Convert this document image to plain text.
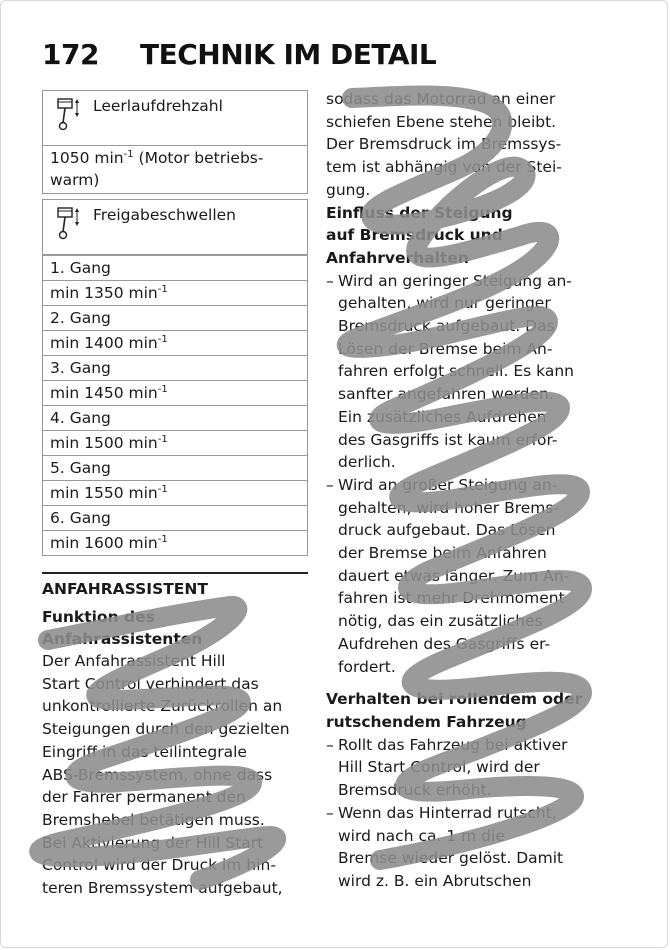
172	TECHNIK IM DETAIL
Leerlaufdrehzahl
1050 $\min^{-1}$ (Motor betriebs-warm)
Freigabeschwellen
1. Gang
min 1350 $\min^{-1}$
2. Gang
min 1400 $\min^{-1}$
3. Gang
min 1450 $\min^{-1}$
4. Gang
min 1500 $\min^{-1}$
5. Gang
min 1550 $\min^{-1}$
6. Gang
min 1600 $\min^{-1}$
ANFAHRASSISTENT
Funktion des
Anfahrassistenten

Der Anfahrassistent Hill

Start Control verhindert das

unkontrollierte Zurückrollen an

Steigungen durch den gezielten

Eingriff in das teilintegrale

ABS-Bremssystem, ohne dass

der Fahrer permanent den

Bremshebel betätigen muss.

Bei Aktivierung der Hill Start

Control wird der Druck im hin-

teren Bremssystem aufgebaut,

sodass das Motorrad an einer

schiefen Ebene stehen bleibt.

Der Bremsdruck im Bremssys-

tem ist abhängig von der Stei-

gung.

Einfluss der Steigung

auf Bremsdruck und

Anfahrverhalten

– Wird an geringer Steigung an-
gehalten, wird nur geringer
Bremsdruck aufgebaut. Das
Lösen der Bremse beim An-
fahren erfolgt schnell. Es kann
sanfter angefahren werden.
Ein zusätzliches Aufdrehen
des Gasgriffs ist kaum erfor-
derlich.
– Wird an großer Steigung an-
gehalten, wird hoher Brems-
druck aufgebaut. Das Lösen
der Bremse beim Anfahren
dauert etwas länger. Zum An-
fahren ist mehr Drehmoment
nötig, das ein zusätzliches
Aufdrehen des Gasgriffs er-
fordert.

Verhalten bei rollendem oder

rutschendem Fahrzeug

– Rollt das Fahrzeug bei aktiver
Hill Start Control, wird der
Bremsdruck erhöht.
– Wenn das Hinterrad rutscht,
wird nach ca. 1 m die
Bremse wieder gelöst. Damit
wird z. B. ein Abrutschen
